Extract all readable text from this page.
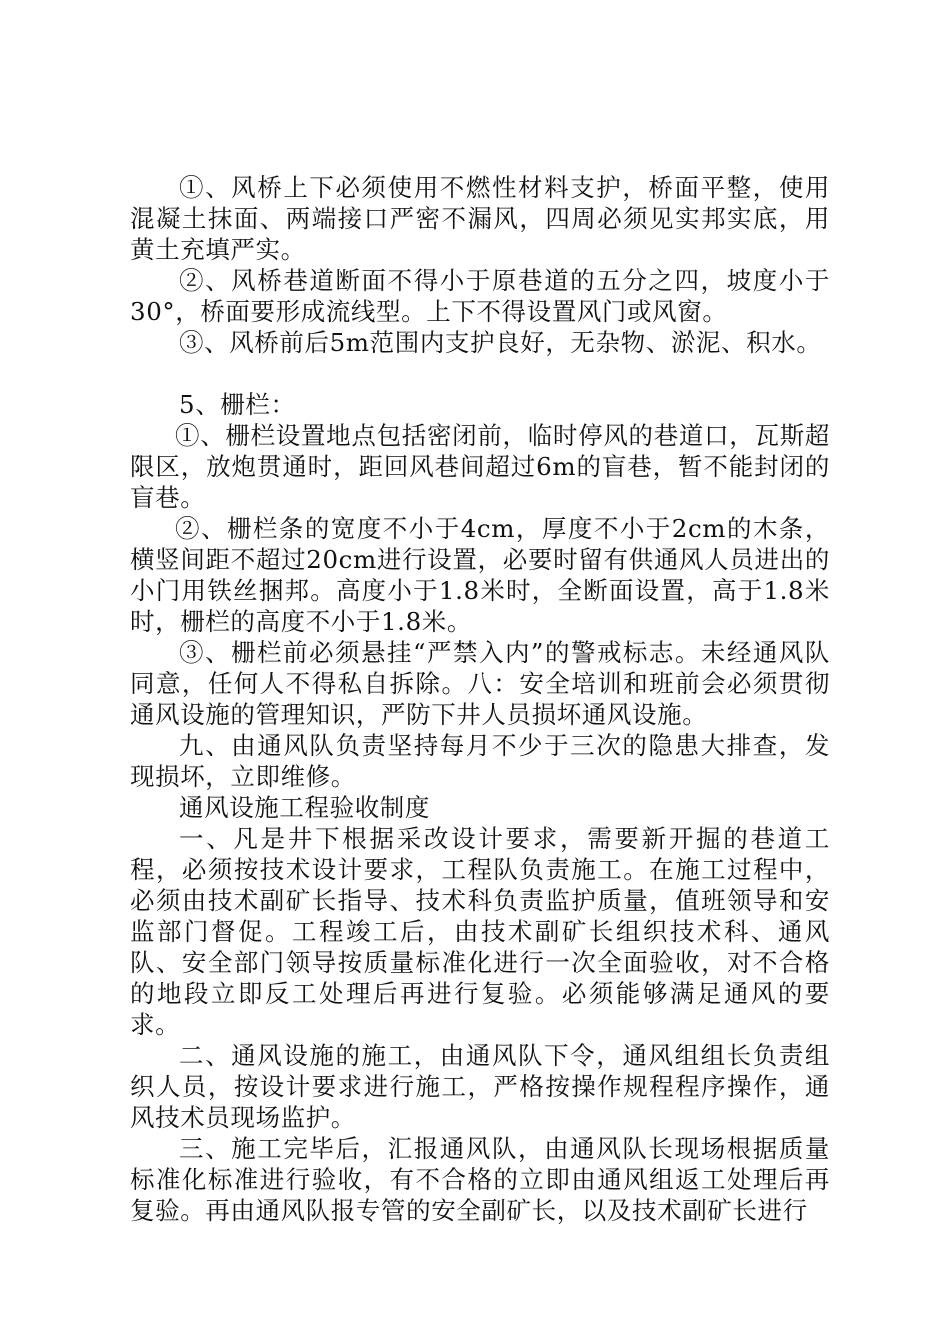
①、风桥上下必须使用不燃性材料支护，桥面平整，使用混凝土抹面、两端接口严密不漏风，四周必须见实邦实底，用黄土充填严实。

②、风桥巷道断面不得小于原巷道的五分之四，坡度小于30°，桥面要形成流线型。上下不得设置风门或风窗。

③、风桥前后5m范围内支护良好，无杂物、淤泥、积水。

5、栅栏：

①、栅栏设置地点包括密闭前，临时停风的巷道口，瓦斯超限区，放炮贯通时，距回风巷间超过6m的盲巷，暂不能封闭的盲巷。

②、栅栏条的宽度不小于4cm，厚度不小于2cm的木条，横竖间距不超过20cm进行设置，必要时留有供通风人员进出的小门用铁丝捆邦。高度小于1.8米时，全断面设置，高于1.8米时，栅栏的高度不小于1.8米。

③、栅栏前必须悬挂“严禁入内”的警戒标志。未经通风队同意，任何人不得私自拆除。八：安全培训和班前会必须贯彻通风设施的管理知识，严防下井人员损坏通风设施。

九、由通风队负责坚持每月不少于三次的隐患大排查，发现损坏，立即维修。

通风设施工程验收制度

一、凡是井下根据采改设计要求，需要新开掘的巷道工程，必须按技术设计要求，工程队负责施工。在施工过程中，必须由技术副矿长指导、技术科负责监护质量，值班领导和安监部门督促。工程竣工后，由技术副矿长组织技术科、通风队、安全部门领导按质量标准化进行一次全面验收，对不合格的地段立即反工处理后再进行复验。必须能够满足通风的要求。

二、通风设施的施工，由通风队下令，通风组组长负责组织人员，按设计要求进行施工，严格按操作规程程序操作，通风技术员现场监护。

三、施工完毕后，汇报通风队，由通风队长现场根据质量标准化标准进行验收，有不合格的立即由通风组返工处理后再复验。再由通风队报专管的安全副矿长，以及技术副矿长进行
